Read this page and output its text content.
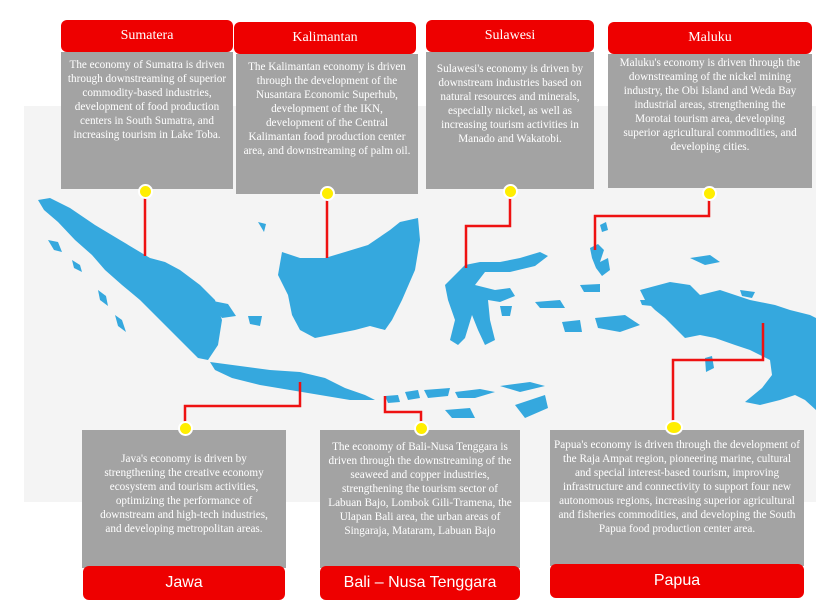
Sumatera
The economy of Sumatra is driven through downstreaming of superior commodity-based industries, development of food production centers in South Sumatra, and increasing tourism in Lake Toba.
Kalimantan
The Kalimantan economy is driven through the development of the Nusantara Economic Superhub, development of the IKN, development of the Central Kalimantan food production center area, and downstreaming of palm oil.
Sulawesi
Sulawesi's economy is driven by downstream industries based on natural resources and minerals, especially nickel, as well as increasing tourism activities in Manado and Wakatobi.
Maluku
Maluku's economy is driven through the downstreaming of the nickel mining industry, the Obi Island and Weda Bay industrial areas, strengthening the Morotai tourism area, developing superior agricultural commodities, and developing cities.
Java's economy is driven by strengthening the creative economy ecosystem and tourism activities, optimizing the performance of downstream and high-tech industries, and developing metropolitan areas.
Jawa
The economy of Bali-Nusa Tenggara is driven through the downstreaming of the seaweed and copper industries, strengthening the tourism sector of Labuan Bajo, Lombok Gili-Tramena, the Ulapan Bali area, the urban areas of Singaraja, Mataram, Labuan Bajo
Bali – Nusa Tenggara
Papua's economy is driven through the development of the Raja Ampat region, pioneering marine, cultural and special interest-based tourism, improving infrastructure and connectivity to support four new autonomous regions, increasing superior agricultural and fisheries commodities, and developing the South Papua food production center area.
Papua
